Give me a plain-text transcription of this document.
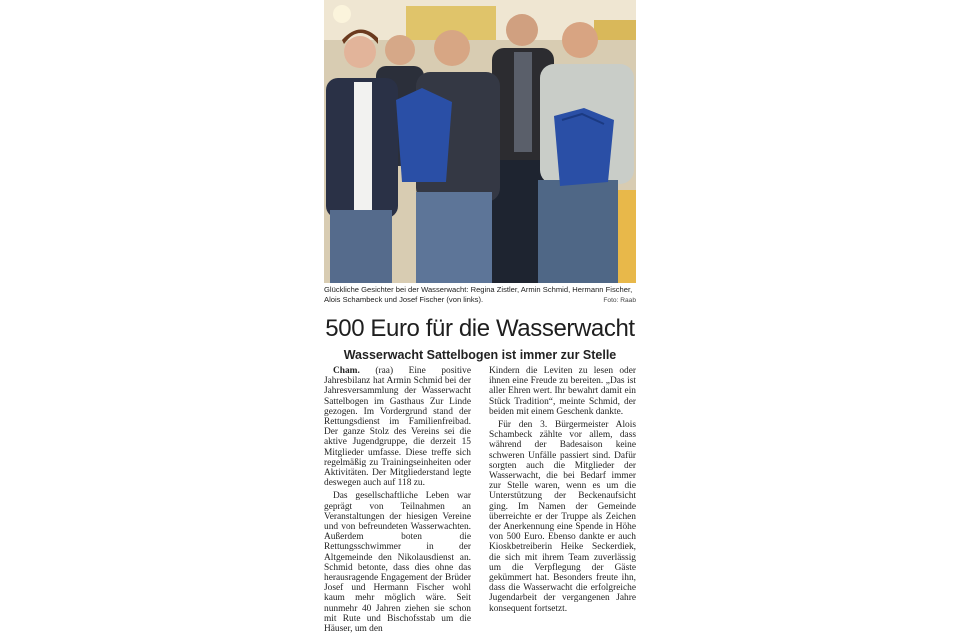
Glückliche Gesichter bei der Wasserwacht: Regina Zistler, Armin Schmid, Hermann Fischer, Alois Schambeck und Josef Fischer (von links).	Foto: Raab
500 Euro für die Wasserwacht
Wasserwacht Sattelbogen ist immer zur Stelle

Cham. (raa) Eine positive Jahresbilanz hat Armin Schmid bei der Jahresversammlung der Wasserwacht Sattelbogen im Gasthaus Zur Linde gezogen. Im Vordergrund stand der Rettungsdienst im Familienfreibad. Der ganze Stolz des Vereins sei die aktive Jugendgruppe, die derzeit 15 Mitglieder umfasse. Diese treffe sich regelmäßig zu Trainingseinheiten oder Aktivitäten. Der Mitgliederstand legte deswegen auch auf 118 zu.

Das gesellschaftliche Leben war geprägt von Teilnahmen an Veranstaltungen der hiesigen Vereine und von befreundeten Wasserwachten. Außerdem boten die Rettungsschwimmer in der Altgemeinde den Nikolausdienst an. Schmid betonte, dass dies ohne das herausragende Engagement der Brüder Josef und Hermann Fischer wohl kaum mehr möglich wäre. Seit nunmehr 40 Jahren ziehen sie schon mit Rute und Bischofsstab um die Häuser, um den

Kindern die Leviten zu lesen oder ihnen eine Freude zu bereiten. „Das ist aller Ehren wert. Ihr bewahrt damit ein Stück Tradition“, meinte Schmid, der beiden mit einem Geschenk dankte.

Für den 3. Bürgermeister Alois Schambeck zählte vor allem, dass während der Badesaison keine schweren Unfälle passiert sind. Dafür sorgten auch die Mitglieder der Wasserwacht, die bei Bedarf immer zur Stelle waren, wenn es um die Unterstützung der Beckenaufsicht ging. Im Namen der Gemeinde überreichte er der Truppe als Zeichen der Anerkennung eine Spende in Höhe von 500 Euro. Ebenso dankte er auch Kioskbetreiberin Heike Seckerdiek, die sich mit ihrem Team zuverlässig um die Verpflegung der Gäste gekümmert hat. Besonders freute ihn, dass die Wasserwacht die erfolgreiche Jugendarbeit der vergangenen Jahre konsequent fortsetzt.
